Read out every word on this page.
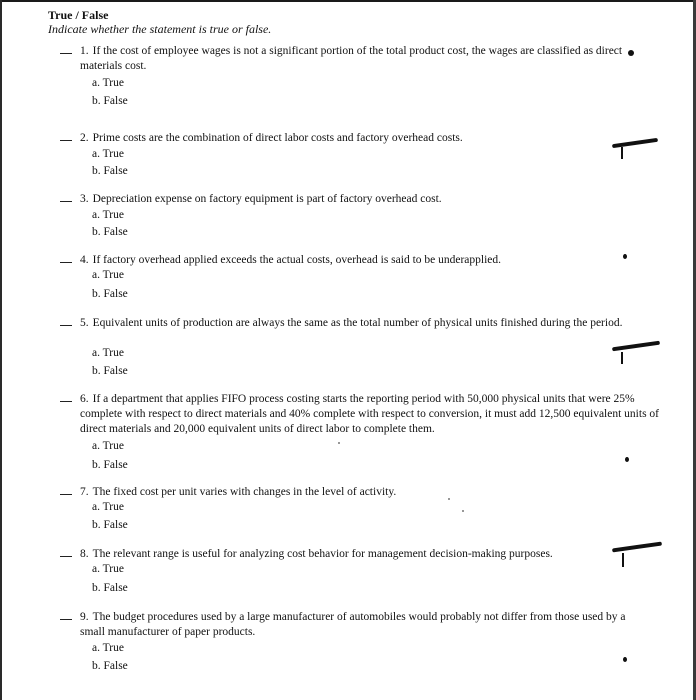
True / False
Indicate whether the statement is true or false.
1. If the cost of employee wages is not a significant portion of the total product cost, the wages are classified as direct materials cost.
a. True
b. False
2. Prime costs are the combination of direct labor costs and factory overhead costs.
a. True
b. False
3. Depreciation expense on factory equipment is part of factory overhead cost.
a. True
b. False
4. If factory overhead applied exceeds the actual costs, overhead is said to be underapplied.
a. True
b. False
5. Equivalent units of production are always the same as the total number of physical units finished during the period.
a. True
b. False
6. If a department that applies FIFO process costing starts the reporting period with 50,000 physical units that were 25% complete with respect to direct materials and 40% complete with respect to conversion, it must add 12,500 equivalent units of direct materials and 20,000 equivalent units of direct labor to complete them.
a. True
b. False
7. The fixed cost per unit varies with changes in the level of activity.
a. True
b. False
8. The relevant range is useful for analyzing cost behavior for management decision-making purposes.
a. True
b. False
9. The budget procedures used by a large manufacturer of automobiles would probably not differ from those used by a small manufacturer of paper products.
a. True
b. False
